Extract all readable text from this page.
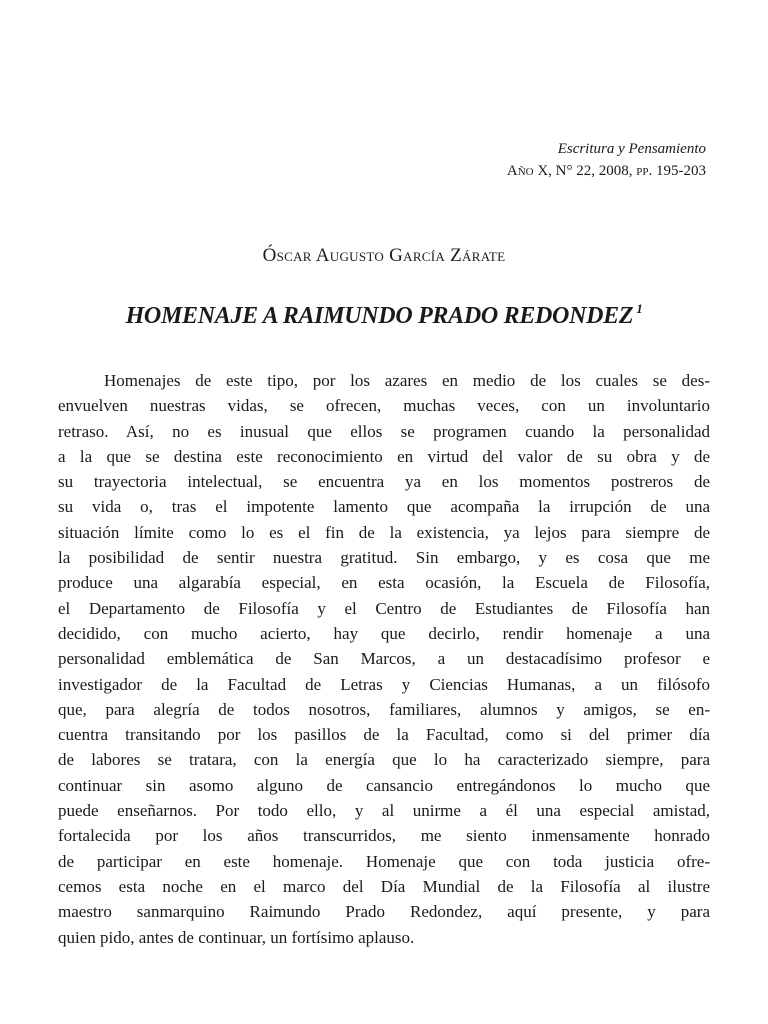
Escritura y Pensamiento
Año X, N° 22, 2008, pp. 195-203
Óscar Augusto García Zárate
HOMENAJE A RAIMUNDO PRADO REDONDEZ $^1$
Homenajes de este tipo, por los azares en medio de los cuales se des-
envuelven nuestras vidas, se ofrecen, muchas veces, con un involuntario
retraso. Así, no es inusual que ellos se programen cuando la personalidad
a la que se destina este reconocimiento en virtud del valor de su obra y de
su trayectoria intelectual, se encuentra ya en los momentos postreros de
su vida o, tras el impotente lamento que acompaña la irrupción de una
situación límite como lo es el fin de la existencia, ya lejos para siempre de
la posibilidad de sentir nuestra gratitud. Sin embargo, y es cosa que me
produce una algarabía especial, en esta ocasión, la Escuela de Filosofía,
el Departamento de Filosofía y el Centro de Estudiantes de Filosofía han
decidido, con mucho acierto, hay que decirlo, rendir homenaje a una
personalidad emblemática de San Marcos, a un destacadísimo profesor e
investigador de la Facultad de Letras y Ciencias Humanas, a un filósofo
que, para alegría de todos nosotros, familiares, alumnos y amigos, se en-
cuentra transitando por los pasillos de la Facultad, como si del primer día
de labores se tratara, con la energía que lo ha caracterizado siempre, para
continuar sin asomo alguno de cansancio entregándonos lo mucho que
puede enseñarnos. Por todo ello, y al unirme a él una especial amistad,
fortalecida por los años transcurridos, me siento inmensamente honrado
de participar en este homenaje. Homenaje que con toda justicia ofre-
cemos esta noche en el marco del Día Mundial de la Filosofía al ilustre
maestro sanmarquino Raimundo Prado Redondez, aquí presente, y para
quien pido, antes de continuar, un fortísimo aplauso.
